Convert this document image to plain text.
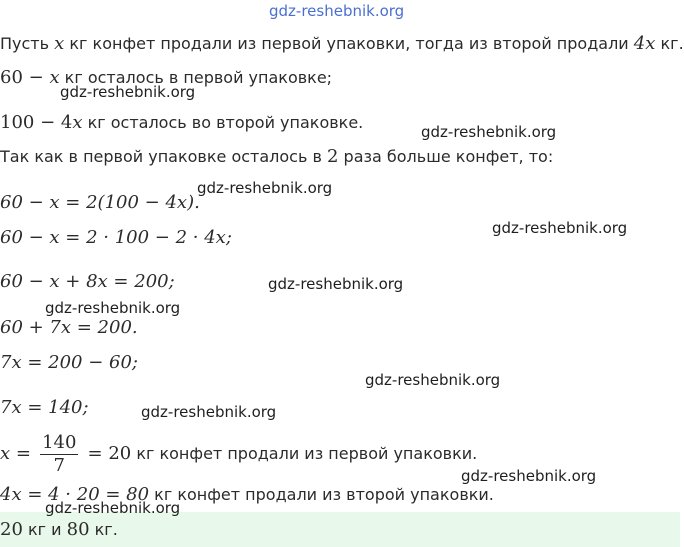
gdz-reshebnik.org
Пусть x кг конфет продали из первой упаковки, тогда из второй продали 4x кг.
60 − x кг осталось в первой упаковке;
gdz-reshebnik.org
100 − 4x кг осталось во второй упаковке.	gdz-reshebnik.org
Так как в первой упаковке осталось в 2 раза больше конфет, то:
gdz-reshebnik.org
60 − x = 2(100 − 4x).
gdz-reshebnik.org
60 − x = 2 · 100 − 2 · 4x;
gdz-reshebnik.org
60 − x + 8x = 200;
gdz-reshebnik.org
60 + 7x = 200.
7x = 200 − 60;
gdz-reshebnik.org
7x = 140;	gdz-reshebnik.org
$x = \frac{140}{7} = 20$ кг конфет продали из первой упаковки.
gdz-reshebnik.org
4x = 4 · 20 = 80 кг конфет продали из второй упаковки.
gdz-reshebnik.org
20 кг и 80 кг.
